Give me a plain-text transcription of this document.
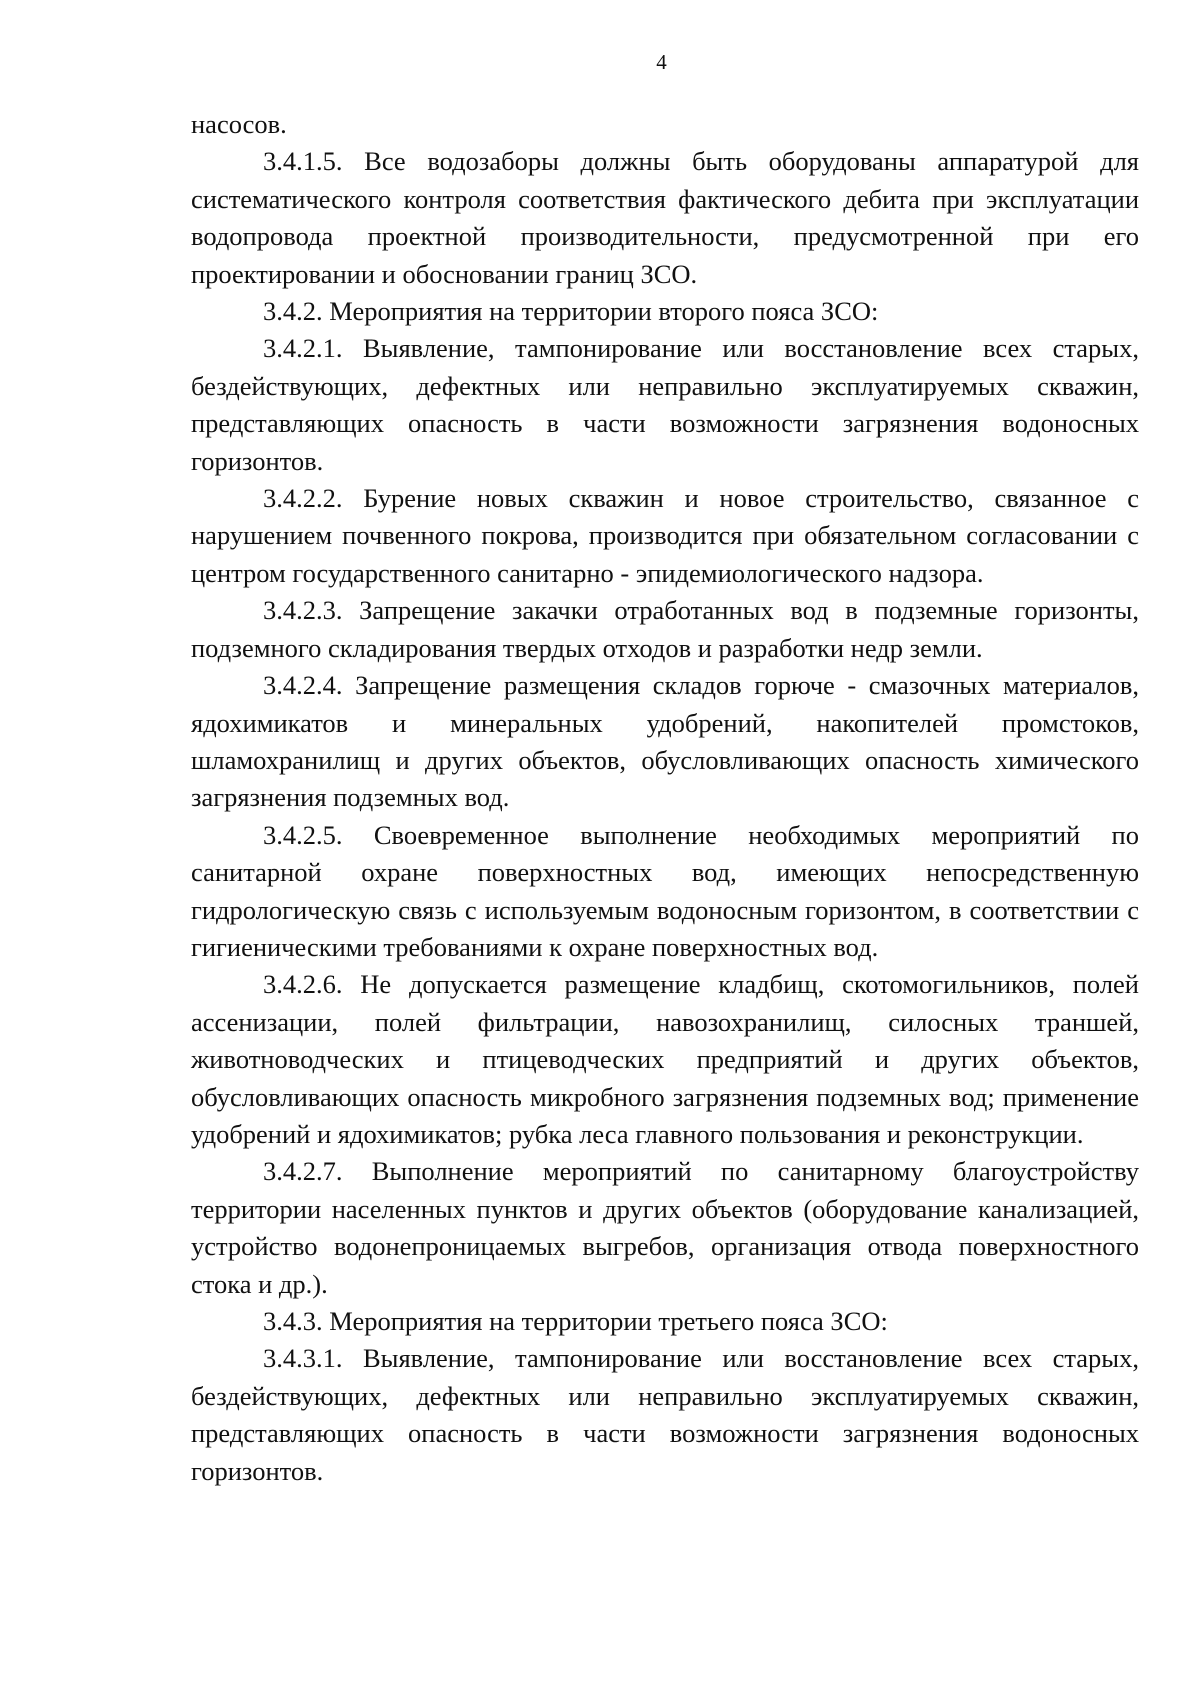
4

насосов.

3.4.1.5. Все водозаборы должны быть оборудованы аппаратурой для систематического контроля соответствия фактического дебита при эксплуатации водопровода проектной производительности, предусмотренной при его проектировании и обосновании границ ЗСО.

3.4.2. Мероприятия на территории второго пояса ЗСО:

3.4.2.1. Выявление, тампонирование или восстановление всех старых, бездействующих, дефектных или неправильно эксплуатируемых скважин, представляющих опасность в части возможности загрязнения водоносных горизонтов.

3.4.2.2. Бурение новых скважин и новое строительство, связанное с нарушением почвенного покрова, производится при обязательном согласовании с центром государственного санитарно - эпидемиологического надзора.

3.4.2.3. Запрещение закачки отработанных вод в подземные горизонты, подземного складирования твердых отходов и разработки недр земли.

3.4.2.4. Запрещение размещения складов горюче - смазочных материалов, ядохимикатов и минеральных удобрений, накопителей промстоков, шламохранилищ и других объектов, обусловливающих опасность химического загрязнения подземных вод.

3.4.2.5. Своевременное выполнение необходимых мероприятий по санитарной охране поверхностных вод, имеющих непосредственную гидрологическую связь с используемым водоносным горизонтом, в соответствии с гигиеническими требованиями к охране поверхностных вод.

3.4.2.6. Не допускается размещение кладбищ, скотомогильников, полей ассенизации, полей фильтрации, навозохранилищ, силосных траншей, животноводческих и птицеводческих предприятий и других объектов, обусловливающих опасность микробного загрязнения подземных вод; применение удобрений и ядохимикатов; рубка леса главного пользования и реконструкции.

3.4.2.7. Выполнение мероприятий по санитарному благоустройству территории населенных пунктов и других объектов (оборудование канализацией, устройство водонепроницаемых выгребов, организация отвода поверхностного стока и др.).

3.4.3. Мероприятия на территории третьего пояса ЗСО:

3.4.3.1. Выявление, тампонирование или восстановление всех старых, бездействующих, дефектных или неправильно эксплуатируемых скважин, представляющих опасность в части возможности загрязнения водоносных горизонтов.
